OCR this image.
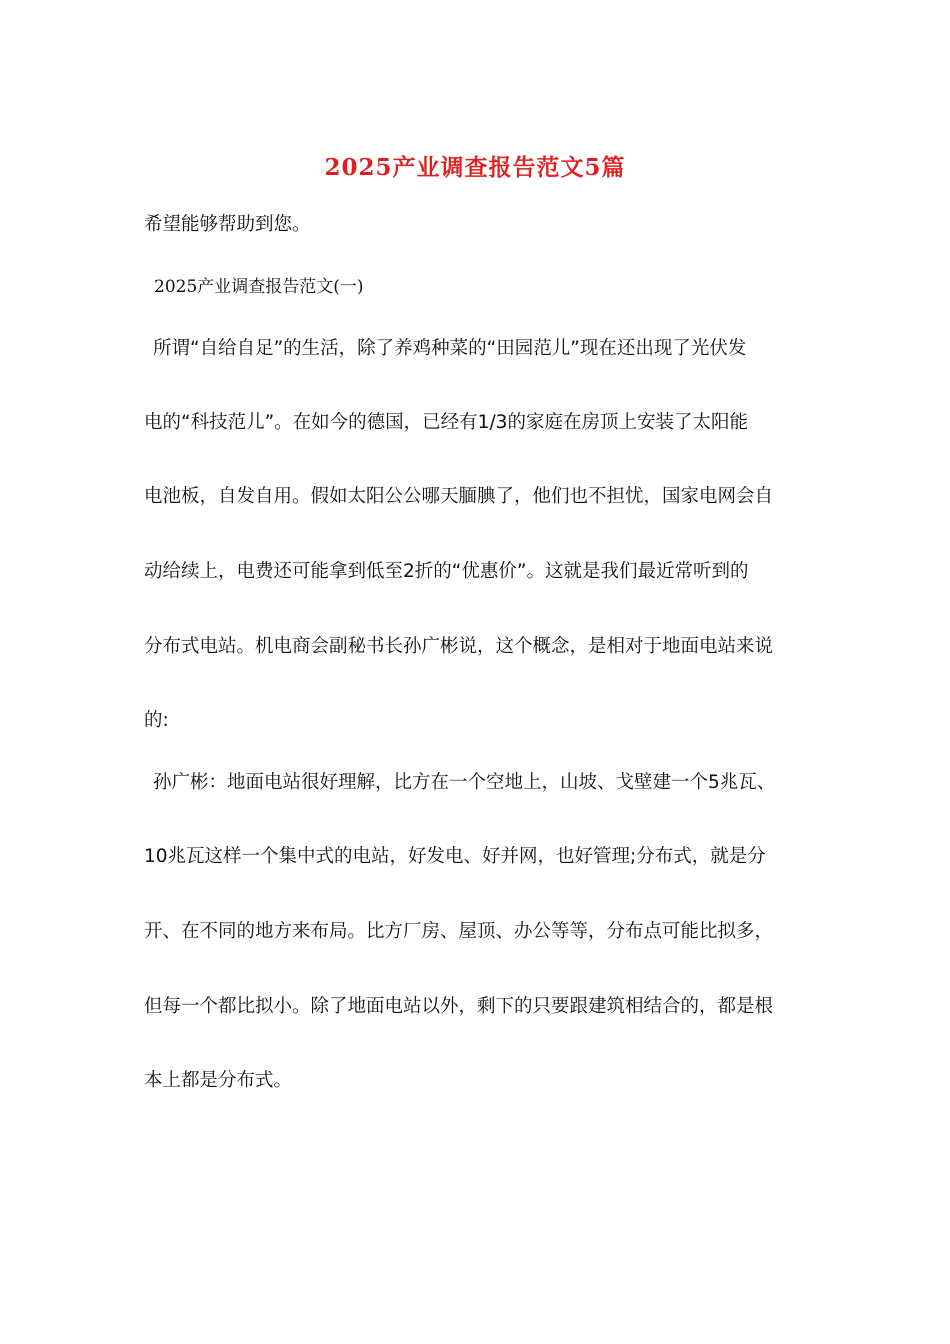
2025产业调查报告范文5篇
希望能够帮助到您。
2025产业调查报告范文(一)
所谓“自给自足”的生活，除了养鸡种菜的“田园范儿”现在还出现了光伏发
电的“科技范儿”。在如今的德国，已经有1/3的家庭在房顶上安装了太阳能
电池板，自发自用。假如太阳公公哪天腼腆了，他们也不担忧，国家电网会自
动给续上，电费还可能拿到低至2折的“优惠价”。这就是我们最近常听到的
分布式电站。机电商会副秘书长孙广彬说，这个概念，是相对于地面电站来说
的:
孙广彬：地面电站很好理解，比方在一个空地上，山坡、戈壁建一个5兆瓦、
10兆瓦这样一个集中式的电站，好发电、好并网，也好管理;分布式，就是分
开、在不同的地方来布局。比方厂房、屋顶、办公等等，分布点可能比拟多，
但每一个都比拟小。除了地面电站以外，剩下的只要跟建筑相结合的，都是根
本上都是分布式。
